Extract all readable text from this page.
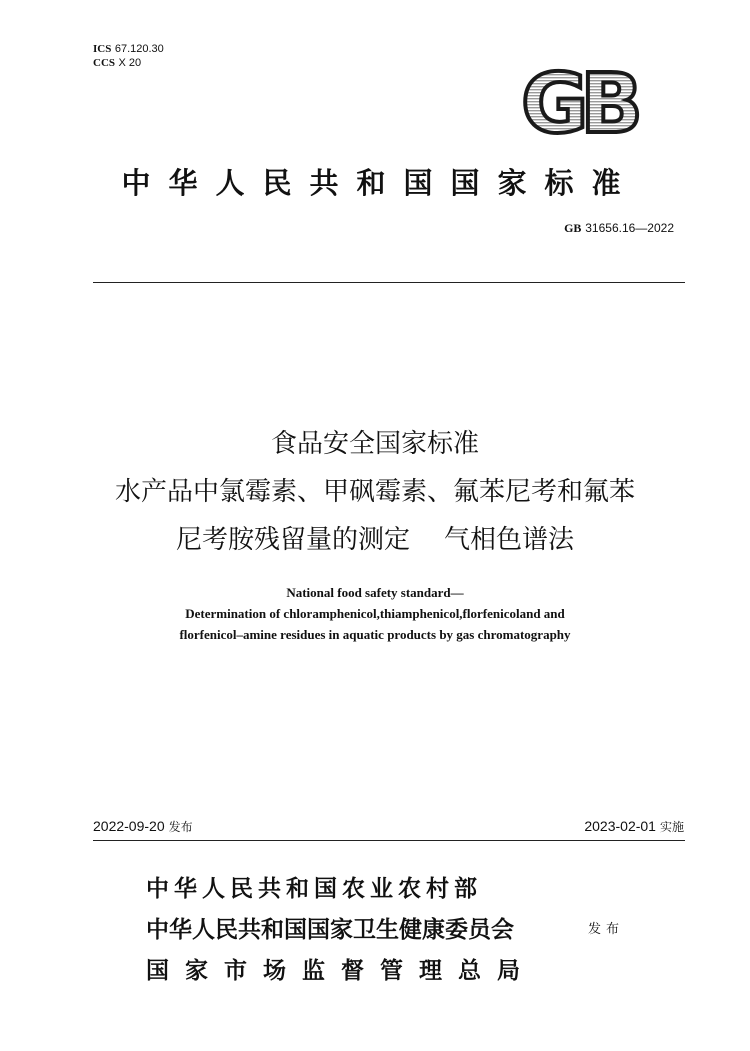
ICS 67.120.30
CCS X 20	GB
中华人民共和国国家标准
GB 31656.16—2022
食品安全国家标准
水产品中氯霉素、甲砜霉素、氟苯尼考和氟苯
尼考胺残留量的测定 气相色谱法
National food safety standard—
Determination of chloramphenicol,thiamphenicol,florfenicoland and
florfenicol–amine residues in aquatic products by gas chromatography
2022-09-20 发布	2023-02-01 实施
中华人民共和国农业农村部
中华人民共和国国家卫生健康委员会
国家市场监督管理总局
发布
